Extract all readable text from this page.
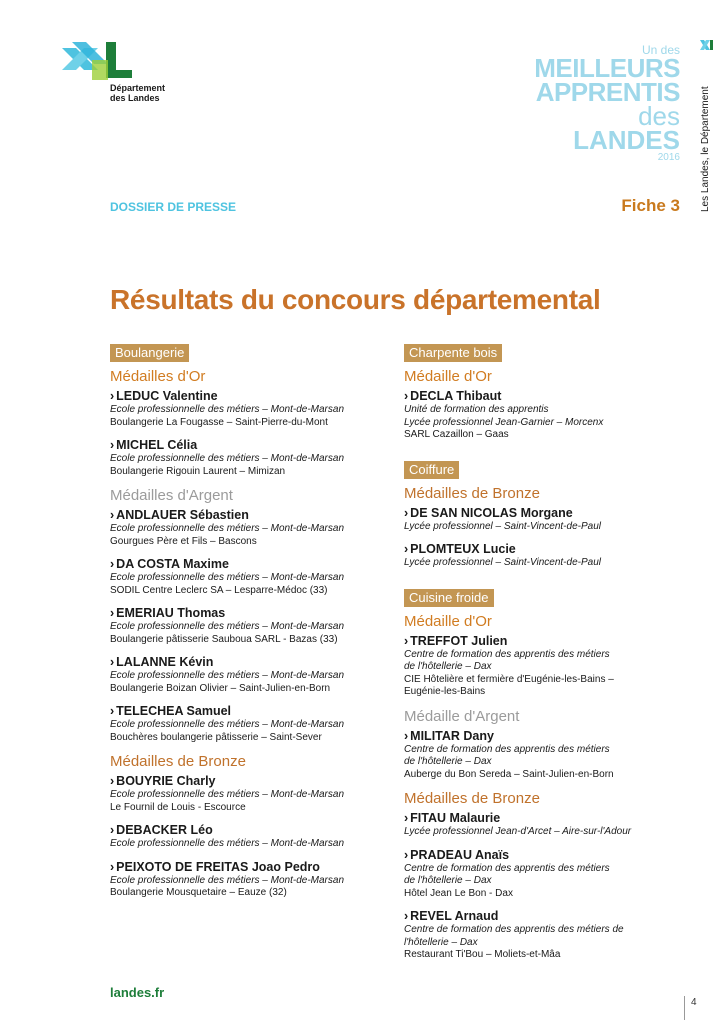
Département
des Landes
Un des
MEILLEURS
APPRENTIS
des LANDES
2016 Les Landes, le Département
DOSSIER DE PRESSE	Fiche 3
Résultats du concours départemental
Boulangerie
Médailles d'Or
› LEDUC Valentine
Ecole professionnelle des métiers – Mont-de-Marsan
Boulangerie La Fougasse – Saint-Pierre-du-Mont
› MICHEL Célia
Ecole professionnelle des métiers – Mont-de-Marsan
Boulangerie Rigouin Laurent – Mimizan
Médailles d'Argent
› ANDLAUER Sébastien
Ecole professionnelle des métiers – Mont-de-Marsan
Gourgues Père et Fils – Bascons
› DA COSTA Maxime
Ecole professionnelle des métiers – Mont-de-Marsan
SODIL Centre Leclerc SA – Lesparre-Médoc (33)
› EMERIAU Thomas
Ecole professionnelle des métiers – Mont-de-Marsan
Boulangerie pâtisserie Sauboua SARL - Bazas (33)
› LALANNE Kévin
Ecole professionnelle des métiers – Mont-de-Marsan
Boulangerie Boizan Olivier – Saint-Julien-en-Born
› TELECHEA Samuel
Ecole professionnelle des métiers – Mont-de-Marsan
Bouchères boulangerie pâtisserie – Saint-Sever
Médailles de Bronze
› BOUYRIE Charly
Ecole professionnelle des métiers – Mont-de-Marsan
Le Fournil de Louis - Escource
› DEBACKER Léo
Ecole professionnelle des métiers – Mont-de-Marsan
› PEIXOTO DE FREITAS Joao Pedro
Ecole professionnelle des métiers – Mont-de-Marsan
Boulangerie Mousquetaire – Eauze (32)
Charpente bois
Médaille d'Or
› DECLA Thibaut
Unité de formation des apprentis
Lycée professionnel Jean-Garnier – Morcenx
SARL Cazaillon – Gaas
Coiffure
Médailles de Bronze
› DE SAN NICOLAS Morgane
Lycée professionnel – Saint-Vincent-de-Paul
› PLOMTEUX Lucie
Lycée professionnel – Saint-Vincent-de-Paul
Cuisine froide
Médaille d'Or
› TREFFOT Julien
Centre de formation des apprentis des métiers
de l'hôtellerie – Dax
CIE Hôtelière et fermière d'Eugénie-les-Bains –
Eugénie-les-Bains
Médaille d'Argent
› MILITAR Dany
Centre de formation des apprentis des métiers
de l'hôtellerie – Dax
Auberge du Bon Sereda – Saint-Julien-en-Born
Médailles de Bronze
› FITAU Malaurie
Lycée professionnel Jean-d'Arcet – Aire-sur-l'Adour
› PRADEAU Anaïs
Centre de formation des apprentis des métiers
de l'hôtellerie – Dax
Hôtel Jean Le Bon - Dax
› REVEL Arnaud
Centre de formation des apprentis des métiers de
l'hôtellerie – Dax
Restaurant Ti'Bou – Moliets-et-Mâa
landes.fr
4
